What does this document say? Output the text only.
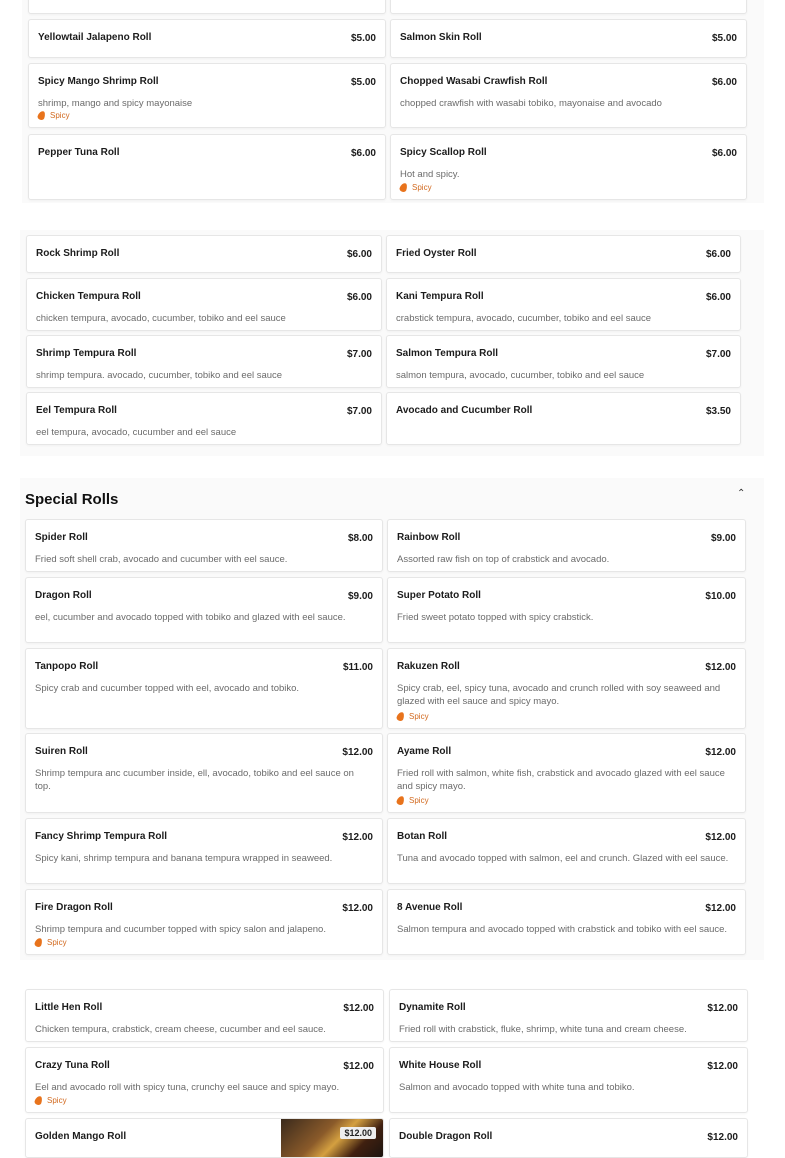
Yellowtail Jalapeno Roll	$5.00 Salmon Skin Roll	$5.00
Spicy Mango Shrimp Roll	$5.00
shrimp, mango and spicy mayonaise
Spicy
Chopped Wasabi Crawfish Roll	$6.00
chopped crawfish with wasabi tobiko, mayonaise and avocado
Pepper Tuna Roll	$6.00 Spicy Scallop Roll	$6.00
Hot and spicy.
Spicy
Rock Shrimp Roll	$6.00 Fried Oyster Roll	$6.00
Chicken Tempura Roll	$6.00
chicken tempura, avocado, cucumber, tobiko and eel sauce
Kani Tempura Roll	$6.00
crabstick tempura, avocado, cucumber, tobiko and eel sauce
Shrimp Tempura Roll	$7.00
shrimp tempura. avocado, cucumber, tobiko and eel sauce
Salmon Tempura Roll	$7.00
salmon tempura, avocado, cucumber, tobiko and eel sauce
Eel Tempura Roll	$7.00
eel tempura, avocado, cucumber and eel sauce
Avocado and Cucumber Roll	$3.50
Special Rolls	⌃
Spider Roll	$8.00
Fried soft shell crab, avocado and cucumber with eel sauce.
Rainbow Roll	$9.00
Assorted raw fish on top of crabstick and avocado.
Dragon Roll	$9.00
eel, cucumber and avocado topped with tobiko and glazed with eel sauce.
Super Potato Roll	$10.00
Fried sweet potato topped with spicy crabstick.
Tanpopo Roll	$11.00
Spicy crab and cucumber topped with eel, avocado and tobiko.
Rakuzen Roll	$12.00
Spicy crab, eel, spicy tuna, avocado and crunch rolled with soy seaweed and glazed with eel sauce and spicy mayo.
Spicy
Suiren Roll	$12.00
Shrimp tempura anc cucumber inside, ell, avocado, tobiko and eel sauce on top.
Ayame Roll	$12.00
Fried roll with salmon, white fish, crabstick and avocado glazed with eel sauce and spicy mayo.
Spicy
Fancy Shrimp Tempura Roll	$12.00
Spicy kani, shrimp tempura and banana tempura wrapped in seaweed.
Botan Roll	$12.00
Tuna and avocado topped with salmon, eel and crunch. Glazed with eel sauce.
Fire Dragon Roll	$12.00
Shrimp tempura and cucumber topped with spicy salon and jalapeno.
Spicy
8 Avenue Roll	$12.00
Salmon tempura and avocado topped with crabstick and tobiko with eel sauce.
Little Hen Roll	$12.00
Chicken tempura, crabstick, cream cheese, cucumber and eel sauce.
Dynamite Roll	$12.00
Fried roll with crabstick, fluke, shrimp, white tuna and cream cheese.
Crazy Tuna Roll	$12.00
Eel and avocado roll with spicy tuna, crunchy eel sauce and spicy mayo.
Spicy
White House Roll	$12.00
Salmon and avocado topped with white tuna and tobiko.
Golden Mango Roll	$12.00	Double Dragon Roll	$12.00
